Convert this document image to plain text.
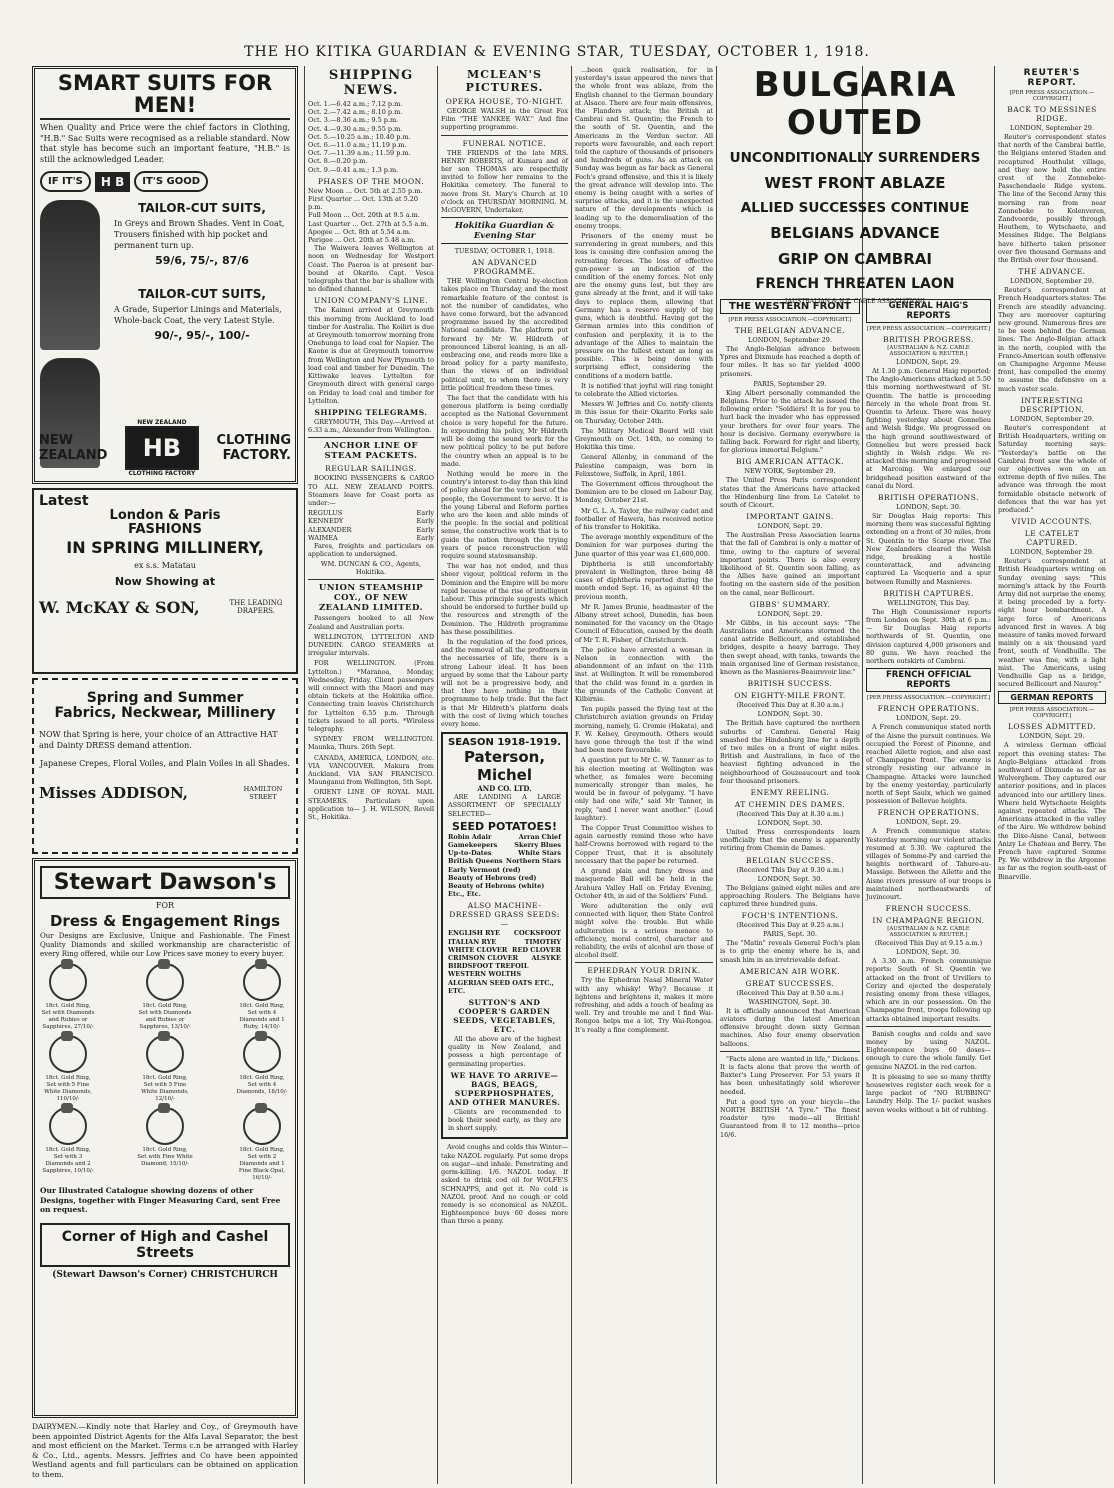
THE HO KITIKA GUARDIAN & EVENING STAR, TUESDAY, OCTOBER 1, 1918.
SMART SUITS FOR MEN!
When Quality and Price were the chief factors in Clothing, "H.B." Sac Suits were recognised as a reliable standard. Now that style has become such an important feature, "H.B." is still the acknowledged Leader.
IF IT'S	H B	IT'S GOOD
TAILOR-CUT SUITS,
In Greys and Brown Shades. Vent in Coat, Trousers finished with hip pocket and permanent turn up.
59/6, 75/-, 87/6
TAILOR-CUT SUITS,
A Grade, Superior Linings and Materials, Whole-back Coat, the very Latest Style.
90/-, 95/-, 100/-
NEW
ZEALAND
NEW ZEALAND
HB
CLOTHING FACTORY
CLOTHING
FACTORY.
Latest
London & Paris
FASHIONS
IN SPRING MILLINERY,
ex s.s. Matatau
Now Showing at
W. McKAY & SON,	THE LEADING DRAPERS.
Spring and Summer
Fabrics, Neckwear, Millinery
NOW that Spring is here, your choice of an Attractive HAT and Dainty DRESS demand attention.
Japanese Crepes, Floral Voiles, and Plain Voiles in all Shades.
Misses ADDISON,	HAMILTON STREET
Stewart Dawson's
FOR
Dress & Engagement Rings
Our Designs are Exclusive, Unique and Fashionable. The Finest Quality Diamonds and skilled workmanship are characteristic of every Ring offered, while our Low Prices save money to every buyer.
18ct. Gold Ring, Set with Diamonds and Rubies or Sapphires, 27/10/-
18ct. Gold Ring, Set with Diamonds and Rubies or Sapphires, 13/10/-
18ct. Gold Ring, Set with 4 Diamonds and 1 Ruby, 14/10/-
18ct. Gold Ring, Set with 5 Fine White Diamonds, 110/10/-
18ct. Gold Ring, Set with 5 Fine White Diamonds, 12/10/-
18ct. Gold Ring, Set with 4 Diamonds, 18/10/-
18ct. Gold Ring, Set with 3 Diamonds and 2 Sapphires, 10/10/-
18ct. Gold Ring, Set with Fine White Diamond, 15/10/-
18ct. Gold Ring, Set with 2 Diamonds and 1 Fine Black Opal, 16/10/-
Our Illustrated Catalogue showing dozens of other Designs, together with Finger Measuring Card, sent Free on request.
Corner of High and Cashel Streets
(Stewart Dawson's Corner) CHRISTCHURCH
DAIRYMEN.—Kindly note that Harley and Coy., of Greymouth have been appointed District Agents for the Alfa Laval Separator, the best and most efficient on the Market. Terms c.n be arranged with Harley & Co., Ltd., agents. Messrs. Jeffries and Co have been appointed Westland agents and full particulars can be obtained on application to them.
SHIPPING NEWS.
Oct. 1.—6.42 a.m.; 7.12 p.m.
Oct. 2.—7.42 a.m.; 8.10 p.m.
Oct. 3.—8.36 a.m.; 9.5 p.m.
Oct. 4.—9.30 a.m.; 9.55 p.m.
Oct. 5.—10.25 a.m.; 10.40 p.m.
Oct. 6.—11.0 a.m.; 11.19 p.m.
Oct. 7.—11.39 a.m.; 11.59 p.m.
Oct. 8.—0.20 p.m.
Oct. 9.—0.41 a.m.; 1.3 p.m.
PHASES OF THE MOON.
New Moon ... Oct. 5th at 2.55 p.m.
First Quarter ... Oct. 13th at 5.20 p.m.
Full Moon ... Oct. 20th at 9.5 a.m.
Last Quarter ... Oct. 27th at 5.5 a.m.
Apogee ... Oct. 8th at 5.54 a.m.
Perigee ... Oct. 20th at 5.48 a.m.
The Waiwera leaves Wellington at noon on Wednesday for Westport Coast. The Paeroa is at present bar-bound at Okarito. Capt. Vesca telegraphs that the bar is shallow with no defined channel.
UNION COMPANY'S LINE.
The Kaimoi arrived at Greymouth this morning from Auckland to load timber for Australia. The Koiliri is due at Greymouth tomorrow morning from Onehunga to load coal for Napier. The Kaone is due at Greymouth tomorrow from Wellington and New Plymouth to load coal and timber for Dunedin. The Kittiwake leaves Lyttelton for Greymouth direct with general cargo on Friday to load coal and timber for Lyttelton.
SHIPPING TELEGRAMS.
GREYMOUTH, This Day.—Arrived at 6.33 a.m., Alexander from Wellington.
ANCHOR LINE OF STEAM PACKETS.
REGULAR SAILINGS.
BOOKING PASSENGERS & CARGO TO ALL NEW ZEALAND PORTS. Steamers leave for Coast ports as under:—
REGULUS	Early
KENNEDY	Early
ALEXANDER	Early
WAIMEA	Early
Fares, freights and particulars on application to undersigned.
WM. DUNCAN & CO., Agents, Hokitika.
UNION STEAMSHIP COY., OF NEW ZEALAND LIMITED.
Passengers booked to all New Zealand and Australian ports.
WELLINGTON, LYTTELTON AND DUNEDIN. CARGO STEAMERS at irregular intervals.
FOR WELLINGTON. (From Lyttelton.) *Maranoa, Monday, Wednesday, Friday. Client passengers will connect with the Maori and may obtain tickets at the Hokitika office. Connecting train leaves Christchurch for Lyttelton 6.55 p.m. Through tickets issued to all ports. *Wireless telegraphy.
SYDNEY FROM WELLINGTON. Maunka, Thurs. 26th Sept.
CANADA, AMERICA, LONDON, etc. VIA VANCOUVER. Makura from Auckland. VIA SAN FRANCISCO. Maunganui from Wellington, 5th Sept.
ORIENT LINE OF ROYAL MAIL STEAMERS. Particulars upon application to— J. H. WILSON, Revell St., Hokitika.
MCLEAN'S PICTURES.
OPERA HOUSE, TO-NIGHT.
GEORGE WALSH in the Great Fox Film "THE YANKEE WAY." And fine supporting programme.
FUNERAL NOTICE.
THE FRIENDS of the late MRS. HENRY ROBERTS, of Kumara and of her son THOMAS are respectfully invited to follow her remains to the Hokitika cemetery. The funeral to move from St. Mary's Church at 10 o'clock on THURSDAY MORNING. M. McGOVERN, Undertaker.
Hokitika Guardian & Evening Star
TUESDAY, OCTOBER 1, 1918.
AN ADVANCED PROGRAMME.
THE Wellington Central by-election takes place on Thursday, and the most remarkable feature of the contest is not the number of candidates, who have come forward, but the advanced programme issued by the accredited National candidate. The platform put forward by Mr W. Hildreth of pronounced Liberal leaning, is an all-embracing one, and reads more like a broad policy for a party manifesto, than the views of an individual political unit, to whom there is very little political freedom these times.
The fact that the candidate with his generous platform is being cordially accepted as the National Government choice is very hopeful for the future. In expounding his policy, Mr Hildreth will be doing the sound work for the new political policy to be put before the country when an appeal is to be made.
Nothing would be more in the country's interest to-day than this kind of policy ahead for the very best of the people, the Government to serve. It is the young Liberal and Reform parties who are the keen and able minds of the people. In the social and political sense, the constructive work that is to guide the nation through the trying years of peace reconstruction will require sound statesmanship.
The war has not ended, and thus sheer vigour, political reform in the Dominion and the Empire will be more rapid because of the rise of intelligent Labour. This principle suggests which should be endorsed to further build up the resources and strength of the Dominion. The Hildreth programme has these possibilities.
In the regulation of the food prices, and the removal of all the profiteers in the necessaries of life, there is a strong Labour ideal. It has been argued by some that the Labour party will not be a progressive body, and that they have nothing in their programme to help trade. But the fact is that Mr Hildreth's platform deals with the cost of living which touches every home.
SEASON 1918-1919.
Paterson, Michel
AND CO. LTD.
ARE LANDING A LARGE ASSORTMENT OF SPECIALLY SELECTED—
SEED POTATOES!
Robin Adair	Arran Chief
Gamekeepers	Skerry Blues
Up-to-Dates	White Stars
British Queens Northern Stars
Early Vermont (red)
Beauty of Hebrons (red)
Beauty of Hebrons (white)
Etc., Etc.
ALSO MACHINE-DRESSED GRASS SEEDS:—
ENGLISH RYE COCKSFOOT
ITALIAN RYE	TIMOTHY
WHITE CLOVER RED CLOVER
CRIMSON CLOVER ALSYKE
BIRDSFOOT TREFOIL
WESTERN WOLTHS
ALGERIAN SEED OATS ETC., ETC.
SUTTON'S AND COOPER'S GARDEN SEEDS, VEGETABLES, ETC.
All the above are of the highest quality in New Zealand, and possess a high percentage of germinating properties.
WE HAVE TO ARRIVE— BAGS, BEAGS, SUPERPHOSPHATES, AND OTHER MANURES.
Clients are recommended to book their seed early, as they are in short supply.
Avoid coughs and colds this Winter—take NAZOL regularly. Put some drops on sugar—and inhale. Penetrating and germ-killing. 1/6. NAZOL today. If asked to drink cod oil for WOLFE'S SCHNAPPS, and get it. No cold is NAZOL proof. And no cough or cold remedy is so economical as NAZOL. Eighteenpence buys 60 doses more than three a penny.
...been quick realisation, for in yesterday's issue appeared the news that the whole front was ablaze, from the English channel to the German boundary at Alsace. There are four main offensives, the Flanders attack; the British at Cambrai and St. Quentin; the French to the south of St. Quentin, and the Americans in the Verdun sector. All reports were favourable, and each report told the capture of thousands of prisoners and hundreds of guns. As an attack on Sunday was begun as far back as General Foch's grand offensive, and this it is likely the great advance will develop into. The enemy is being caught with a series of surprise attacks, and it is the unexpected nature of the developments which is leading up to the demoralisation of the enemy troops.
Prisoners of the enemy must be surrendering in great numbers, and this loss is causing dire confusion among the retreating forces. The loss of effective gun-power is an indication of the condition of the enemy forces. Not only are the enemy guns lost, but they are guns already at the front, and it will take days to replace them, allowing that Germany has a reserve supply of big guns, which is doubtful. Having got the German armies into this condition of confusion and perplexity, it is to the advantage of the Allies to maintain the pressure on the fullest extent as long as possible. This is being done with surprising effect, considering the conditions of a modern battle.
It is notified that joyful will ring tonight to celebrate the Allied victories.
Messrs W. Jeffries and Co. notify clients in this issue for their Okarito Forks sale on Thursday, October 24th.
The Military Medical Board will visit Greymouth on Oct. 14th, no coming to Hokitika this time.
General Allenby, in command of the Palestine campaign, was born in Felixstowe, Suffolk, in April, 1861.
The Government offices throughout the Dominion are to be closed on Labour Day, Monday, October 21st.
Mr G. L. A. Taylor, the railway cadet and footballer of Hawera, has received notice of his transfer to Hokitika.
The average monthly expenditure of the Dominion for war purposes during the June quarter of this year was £1,600,000.
Diphtheria is still uncomfortably prevalent in Wellington, three being 48 cases of diphtheria reported during the month ended Sept. 16, as against 40 the previous month.
Mr R. James Brunie, headmaster of the Albany street school, Dunedin, has been nominated for the vacancy on the Otago Council of Education, caused by the death of Mr T. R. Fisher, of Christchurch.
The police have arrested a woman in Nelson in connection with the abandonment of an infant on the 11th inst. at Wellington. It will be remembered that the child was found in a garden in the grounds of the Catholic Convent at Kilbirnie.
Ten pupils passed the flying test at the Christchurch aviation grounds on Friday morning, namely, G. Cromie (Hakata), and F. W. Kelsey, Greymouth. Others would have gone through the test if the wind had been more favourable.
A question put to Mr C. W. Tanner as to his election meeting at Wellington was whether, as females were becoming numerically stronger than males, he would be in favour of polygamy. "I have only had one wife," said Mr Tanner, in reply, "and I never want another." (Loud laughter).
The Copper Trust Committee wishes to again earnestly remind those who have half-Crowns borrowed with regard to the Copper Trust, that it is absolutely necessary that the paper be returned.
A grand plain and fancy dress and masquerade Ball will be held in the Arahura Valley Hall on Friday Evening, October 4th, in aid of the Soldiers' Fund.
Were adulteration the only evil connected with liquor, then State Control might solve the trouble. But while adulteration is a serious menace to efficiency, moral control, character and reliability, the evils of alcohol are those of alcohol itself.
EPHEDRAN YOUR DRINK.
Try the Ephedran Nasal Mineral Water with any whisky! Why? Because it lightens and brightens it, makes it more refreshing, and adds a touch of healing as well. Try and trouble me and I find Wai-Rongoa helps me a lot. Try Wai-Rongoa. It's really a fine complement.
BULGARIA OUTED
UNCONDITIONALLY SURRENDERS
WEST FRONT ABLAZE
ALLIED SUCCESSES CONTINUE
BELGIANS ADVANCE
GRIP ON CAMBRAI
FRENCH THREATEN LAON
[AUSTRALIAN & N.Z. CABLE ASSOCIATION]
THE WESTERN FRONT
[PER PRESS ASSOCIATION.—COPYRIGHT.]
THE BELGIAN ADVANCE.
LONDON, September 29.
The Anglo-Belgian advance between Ypres and Dixmude has reached a depth of four miles. It has so far yielded 4000 prisoners.
PARIS, September 29.
King Albert personally commanded the Belgians. Prior to the attack he issued the following order: "Soldiers! It is for you to hurl back the invader who has oppressed your brothers for over four years. The hour is decisive. Germany everywhere is falling back. Forward for right and liberty, for glorious immortal Belgium."
BIG AMERICAN ATTACK.
NEW YORK, September 29.
The United Press Paris correspondent states that the Americans have attacked the Hindenburg line from Le Catelet to south of Cicourt.
IMPORTANT GAINS.
LONDON, Sept. 29.
The Australian Press Association learns that the fall of Cambrai is only a matter of time, owing to the capture of several important points. There is also every likelihood of St. Quentin soon falling, as the Allies have gained an important footing on the eastern side of the position on the canal, near Bellicourt.
GIBBS' SUMMARY.
LONDON, Sept. 29.
Mr Gibbs, in his account says: "The Australians and Americans stormed the canal astride Bellicourt, and established bridges, despite a heavy barrage. They then swept ahead, with tanks, towards the main organised line of German resistance, known as the Masnieres-Beaurevoir line."
BRITISH SUCCESS.
ON EIGHTY-MILE FRONT.
(Received This Day at 8.30 a.m.)
LONDON, Sept. 30.
The British have captured the northern suburbs of Cambrai. General Haig smashed the Hindenburg line for a depth of two miles on a front of eight miles. British and Australians, in face of the heaviest fighting advanced in the neighbourhood of Gouzeaucourt and took four thousand prisoners.
ENEMY REELING.
AT CHEMIN DES DAMES.
(Received This Day at 8.30 a.m.)
LONDON, Sept. 30.
United Press correspondents learn unofficially that the enemy is apparently retiring from Chemin de Dames.
BELGIAN SUCCESS.
(Received This Day at 9.30 a.m.)
LONDON, Sept. 30.
The Belgians gained eight miles and are approaching Roulers. The Belgians have captured three hundred guns.
FOCH'S INTENTIONS.
(Received This Day at 9.25 a.m.)
PARIS, Sept. 30.
The "Matin" reveals General Foch's plan is to grip the enemy where he is, and smash him in an irretrievable defeat.
AMERICAN AIR WORK.
GREAT SUCCESSES.
(Received This Day at 9.50 a.m.)
WASHINGTON, Sept. 30.
It is officially announced that American aviators during the latest American offensive brought down sixty German machines. Also four enemy observation balloons.
"Facts alone are wanted in life," Dickens. It is facts alone that prove the worth of Baxter's Lung Preserver. For 53 years it has been unhesitatingly sold wherever needed.
Put a good tyre on your bicycle—the NORTH BRITISH "A Tyre." The finest roadster tyre made—all British! Guaranteed from 8 to 12 months—price 16/6.
GENERAL HAIG'S REPORTS
[PER PRESS ASSOCIATION.—COPYRIGHT.]
BRITISH PROGRESS.
[AUSTRALIAN & N.Z. CABLE ASSOCIATION & REUTER.]
LONDON, Sept. 29.
At 1.30 p.m. General Haig reported: The Anglo-Americans attacked at 5.50 this morning northwestward of St. Quentin. The battle is proceeding fiercely in the whole front from St. Quentin to Arleux. There was heavy fighting yesterday about Gonnelieu and Welsh Ridge. We progressed on the high ground southwestward of Gonnelieu but were pressed back slightly in Welsh ridge. We re-attacked this morning and progressed at Marcoing. We enlarged our bridgehead position eastward of the canal du Nord.
BRITISH OPERATIONS.
LONDON, Sept. 30.
Sir Douglas Haig reports: This morning there was successful fighting extending on a front of 30 miles, from St. Quentin to the Scarpe river. The New Zealanders cleared the Welsh ridge, breaking a hostile counterattack, and advancing captured La Vacquerie and a spur between Rumilly and Masnieres.
BRITISH CAPTURES.
WELLINGTON, This Day.
The High Commissioner reports from London on Sept. 30th at 6 p.m.:— Sir Douglas Haig reports northwards of St. Quentin, one division captured 4,000 prisoners and 80 guns. We have reached the northern outskirts of Cambrai.
FRENCH OFFICIAL REPORTS
[PER PRESS ASSOCIATION.—COPYRIGHT.]
FRENCH OPERATIONS.
LONDON, Sept. 29.
A French communique stated north of the Aisne the pursuit continues. We occupied the Forest of Pinonne, and reached Ailette region, and also east of Champagne front. The enemy is strongly resisting our advance in Champagne. Attacks were launched by the enemy yesterday, particularly north of Sept Saulx, which we gained possession of Bellevue heights.
FRENCH OPERATIONS.
LONDON, Sept. 29.
A French communique states: Yesterday morning our violent attacks resumed at 5.30. We captured the villages of Somme-Py and carried the heights northward of Tahure-au-Massige. Between the Ailette and the Aisne rivers pressure of our troops is maintained northeastwards of Juvincourt.
FRENCH SUCCESS.
IN CHAMPAGNE REGION.
[AUSTRALIAN & N.Z. CABLE ASSOCIATION & REUTER.]
(Received This Day at 9.15 a.m.)
LONDON, Sept. 30.
A 3.30 a.m. French communique reports: South of St. Quentin we attacked on the front of Urvillers to Cerizy and ejected the desperately resisting enemy from these villages, which are in our possession. On the Champagne front, troops following up attacks obtained important results.
Banish coughs and colds and save money by using NAZOL. Eighteenpence buys 60 doses—enough to cure the whole family. Get genuine NAZOL in the red carton.
It is pleasing to see so many thrifty housewives register each week for a large packet of "NO RUBBING" Laundry Help. The 1/- packet washes seven weeks without a bit of rubbing.
REUTER'S REPORT.
[PER PRESS ASSOCIATION.—COPYRIGHT.]
BACK TO MESSINES RIDGE.
LONDON, September 29.
Reuter's correspondent states that north of the Cambrai battle, the Belgians entered Staden and recaptured Houthulst village, and they now hold the entire crest of the Zonnebeke-Passchendaele Ridge system. The line of the Second Army this morning ran from near Zonnebeke to Kolenveren, Zandvoorde, possibly through Houthem, to Wytschaete, and Messines Ridge. The Belgians have hitherto taken prisoner over five thousand Germans and the British over four thousand.
THE ADVANCE.
LONDON, September 29.
Reuter's correspondent at French Headquarters states: The French are steadily advancing. They are moreover capturing new ground. Numerous fires are to be seen behind the German lines. The Anglo-Belgian attack in the north, coupled with the Franco-American south offensive on Champagne Argonne Meuse front, has compelled the enemy to assume the defensive on a much vaster scale.
INTERESTING DESCRIPTION.
LONDON, September 29.
Reuter's correspondent at British Headquarters, writing on Saturday morning says: "Yesterday's battle on the Cambrai front saw the whole of our objectives won on an extreme depth of five miles. The advance was through the most formidable obstacle network of defences that the war has yet produced."
VIVID ACCOUNTS.
LE CATELET CAPTURED.
LONDON, September 29.
Reuter's correspondent at British Headquarters writing on Sunday evening says: "This morning's attack by the Fourth Army did not surprise the enemy, it being preceded by a forty-eight hour bombardment. A large force of Americans advanced first in waves. A big measure of tanks moved forward mainly on a six thousand yard front, south of Vendhuille. The weather was fine, with a light mist. The Americans, using Vendhuille Gap as a bridge, secured Bellicourt and Nauroy."
GERMAN REPORTS
[PER PRESS ASSOCIATION.—COPYRIGHT.]
LOSSES ADMITTED.
LONDON, Sept. 29.
A wireless German official report this evening states: The Anglo-Belgians attacked from southward of Dixmude as far as Wulverghem. They captured our anterior positions, and in places advanced into our artillery lines. Where held Wytschaete Heights against repeated attacks. The Americans attacked in the valley of the Aire. We withdrew behind the Dixe-Aisne Canal, between Anizy Le Chateau and Berry. The French have captured Somme Py. We withdrew in the Argonne as far as the region south-east of Binarville.
